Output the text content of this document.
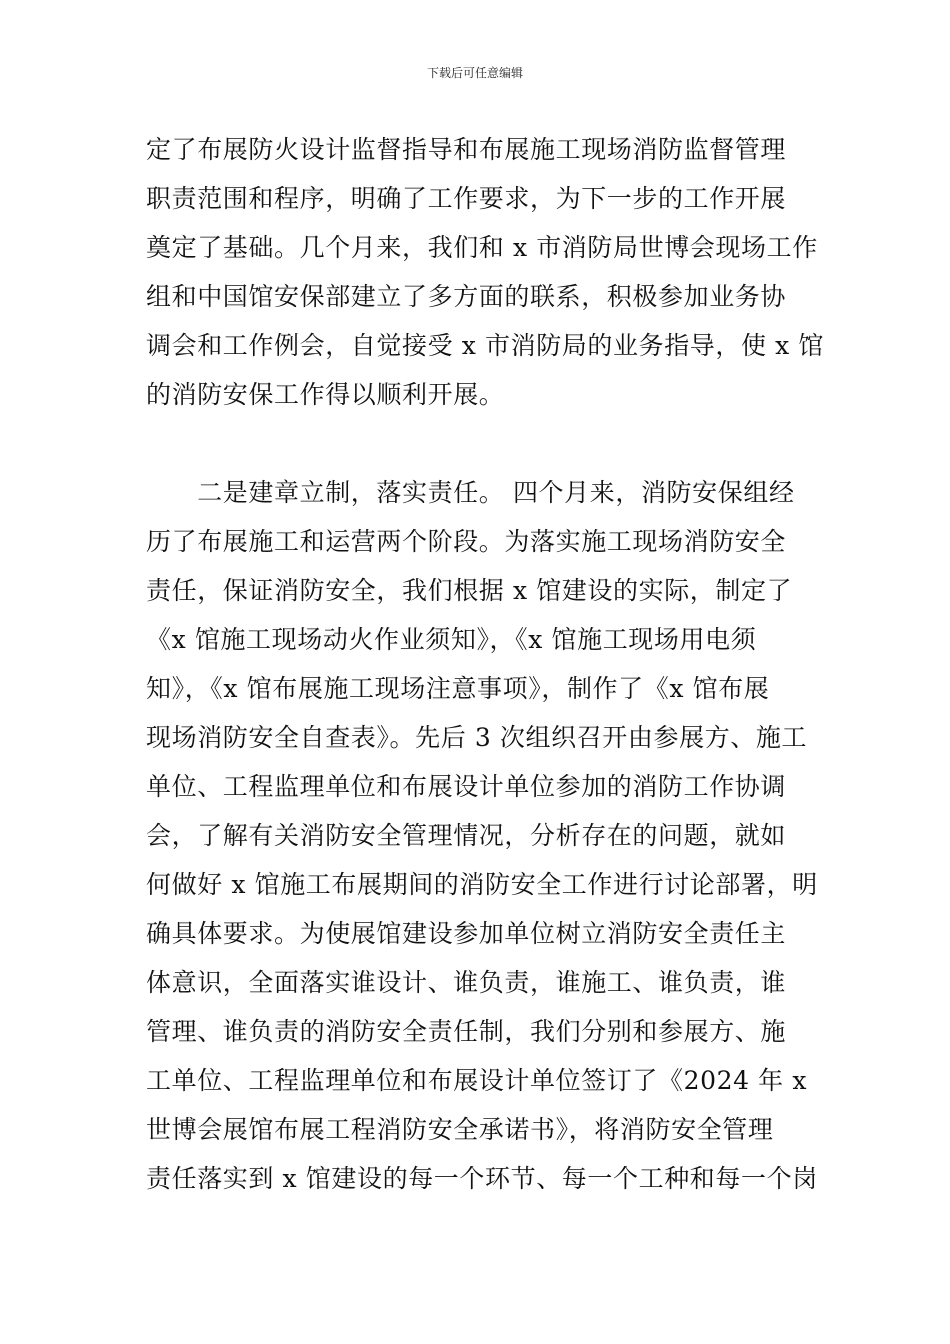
下载后可任意编辑
定了布展防火设计监督指导和布展施工现场消防监督管理
职责范围和程序，明确了工作要求，为下一步的工作开展
奠定了基础。几个月来，我们和 x 市消防局世博会现场工作
组和中国馆安保部建立了多方面的联系，积极参加业务协
调会和工作例会，自觉接受 x 市消防局的业务指导，使 x 馆
的消防安保工作得以顺利开展。
　　二是建章立制，落实责任。 四个月来，消防安保组经
历了布展施工和运营两个阶段。为落实施工现场消防安全
责任，保证消防安全，我们根据 x 馆建设的实际，制定了
《x 馆施工现场动火作业须知》，《x 馆施工现场用电须
知》，《x 馆布展施工现场注意事项》，制作了《x 馆布展
现场消防安全自查表》。先后 3 次组织召开由参展方、施工
单位、工程监理单位和布展设计单位参加的消防工作协调
会，了解有关消防安全管理情况，分析存在的问题，就如
何做好 x 馆施工布展期间的消防安全工作进行讨论部署，明
确具体要求。为使展馆建设参加单位树立消防安全责任主
体意识，全面落实谁设计、谁负责，谁施工、谁负责，谁
管理、谁负责的消防安全责任制，我们分别和参展方、施
工单位、工程监理单位和布展设计单位签订了《2024 年 x
世博会展馆布展工程消防安全承诺书》，将消防安全管理
责任落实到 x 馆建设的每一个环节、每一个工种和每一个岗
